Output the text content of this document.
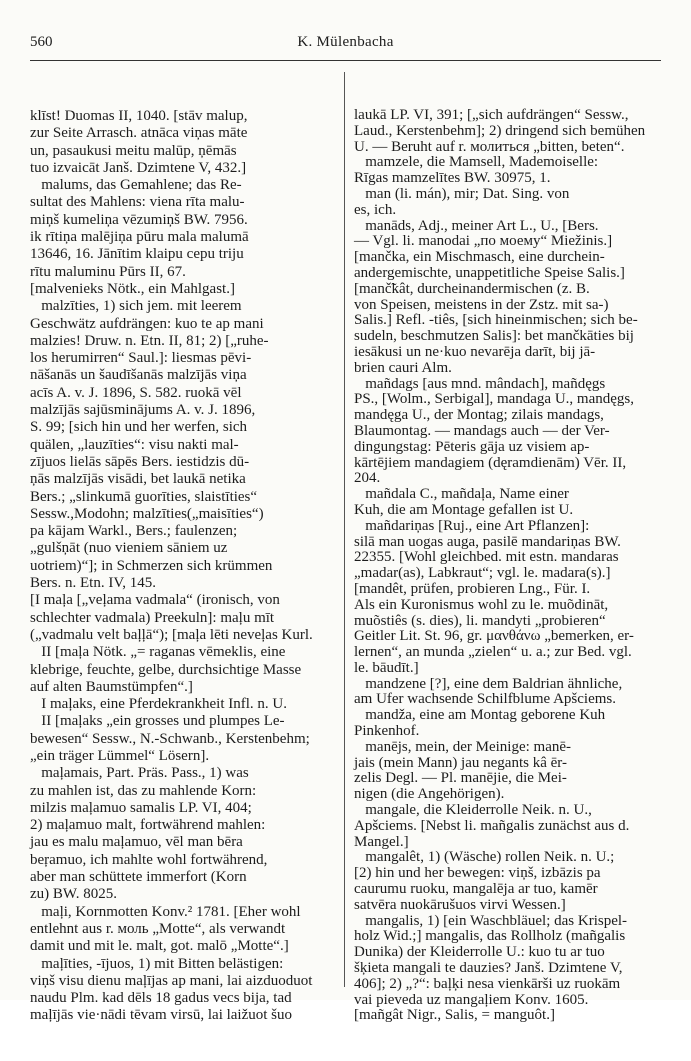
560	K. Mülenbacha

klīst! Duomas II, 1040. [stāv malup,
zur Seite Arrasch. atnāca viņas māte
un, pasaukusi meitu malūp, ņēmās
tuo izvaicāt Janš. Dzimtene V, 432.]
malums, das Gemahlene; das Re-
sultat des Mahlens: viena rīta malu-
miņš kumeliņa vēzumiņš BW. 7956.
ik rītiņa malējiņa pūru mala malumā
13646, 16. Jānītim klaipu cepu triju
rītu maluminu Pūrs II, 67.
[malvenieks Nötk., ein Mahlgast.]
malzīties, 1) sich jem. mit leerem
Geschwätz aufdrängen: kuo te ap mani
malzies! Druw. n. Etn. II, 81; 2) [„ruhe-
los herumirren“ Saul.]: liesmas pēvi-
nāšanās un šaudīšanās malzījās viņa
acīs A. v. J. 1896, S. 582. ruokā vēl
malzījās sajūsminājums A. v. J. 1896,
S. 99; [sich hin und her werfen, sich
quälen, „lauzīties“: visu nakti mal-
zījuos lielās sāpēs Bers. iestidzis dū-
ņās malzījās visādi, bet laukā netika
Bers.; „slinkumā guorīties, slaistīties“
Sessw.,Modohn; malzīties(„maisīties“)
pa kājam Warkl., Bers.; faulenzen;
„gulšņāt (nuo vieniem sāniem uz
uotriem)“]; in Schmerzen sich krümmen
Bers. n. Etn. IV, 145.
[I maļa [„veļama vadmala“ (ironisch, von
schlechter vadmala) Preekuln]: maļu mīt
(„vadmalu velt baļļā“); [maļa lēti neveļas Kurl.
II [maļa Nötk. „= raganas vēmeklis, eine
klebrige, feuchte, gelbe, durchsichtige Masse
auf alten Baumstümpfen“.]
I maļaks, eine Pferdekrankheit Infl. n. U.
II [maļaks „ein grosses und plumpes Le-
bewesen“ Sessw., N.-Schwanb., Kerstenbehm;
„ein träger Lümmel“ Lösern].
maļamais, Part. Präs. Pass., 1) was
zu mahlen ist, das zu mahlende Korn:
milzis maļamuo samalis LP. VI, 404;
2) maļamuo malt, fortwährend mahlen:
jau es malu maļamuo, vēl man bēra
beŗamuo, ich mahlte wohl fortwährend,
aber man schüttete immerfort (Korn
zu) BW. 8025.
maļi, Kornmotten Konv.² 1781. [Eher wohl
entlehnt aus r. моль „Motte“, als verwandt
damit und mit le. malt, got. malō „Motte“.]
maļīties, -ījuos, 1) mit Bitten belästigen:
viņš visu dienu maļījas ap mani, lai aizduoduot
naudu Plm. kad dēls 18 gadus vecs bija, tad
maļījās vie·nādi tēvam virsū, lai laižuot šuo

laukā LP. VI, 391; [„sich aufdrängen“ Sessw.,
Laud., Kerstenbehm]; 2) dringend sich bemühen
U. — Beruht auf r. молиться „bitten, beten“.
mamzele, die Mamsell, Mademoiselle:
Rīgas mamzelītes BW. 30975, 1.
man (li. mán), mir; Dat. Sing. von
es, ich.
manāds, Adj., meiner Art L., U., [Bers.
— Vgl. li. manodai „по моему“ Miežinis.]
[mančka, ein Mischmasch, eine durchein-
andergemischte, unappetitliche Speise Salis.]
[manč̃kât, durcheinandermischen (z. B.
von Speisen, meistens in der Zstz. mit sa-)
Salis.] Refl. -tiês, [sich hineinmischen; sich be-
sudeln, beschmutzen Salis]: bet mančkāties bij
iesākusi un ne·kuo nevarēja darīt, bij jā-
brien cauri Alm.
mañdags [aus mnd. mândach], mañdęgs
PS., [Wolm., Serbigal], mandaga U., mandęgs,
mandęga U., der Montag; zilais mandags,
Blaumontag. — mandags auch — der Ver-
dingungstag: Pēteris gāja uz visiem ap-
kārtējiem mandagiem (dęramdienām) Vēr. II,
204.
mañdala C., mañdaļa, Name einer
Kuh, die am Montage gefallen ist U.
mañdariņas [Ruj., eine Art Pflanzen]:
silā man uogas auga, pasilē mandariņas BW.
22355. [Wohl gleichbed. mit estn. mandaras
„madar(as), Labkraut“; vgl. le. madara(s).]
[mandêt, prüfen, probieren Lng., Für. I.
Als ein Kuronismus wohl zu le. muõdināt,
muõstiês (s. dies), li. mandyti „probieren“
Geitler Lit. St. 96, gr. μανθάνω „bemerken, er-
lernen“, an munda „zielen“ u. a.; zur Bed. vgl.
le. bāudīt.]
mandzene [?], eine dem Baldrian ähnliche,
am Ufer wachsende Schilfblume Apšciems.
mandža, eine am Montag geborene Kuh
Pinkenhof.
manējs, mein, der Meinige: manē-
jais (mein Mann) jau negants kâ ēr-
zelis Degl. — Pl. manējie, die Mei-
nigen (die Angehörigen).
mangale, die Kleiderrolle Neik. n. U.,
Apšciems. [Nebst li. mañgalis zunächst aus d.
Mangel.]
mangalêt, 1) (Wäsche) rollen Neik. n. U.;
[2) hin und her bewegen: viņš, izbāzis pa
caurumu ruoku, mangalēja ar tuo, kamēr
satvēra nuokārušuos virvi Wessen.]
mangalis, 1) [ein Waschbläuel; das Krispel-
holz Wid.;] mangalis, das Rollholz (mañgalis
Dunika) der Kleiderrolle U.: kuo tu ar tuo
šķieta mangali te dauzies? Janš. Dzimtene V,
406]; 2) „?“: baļķi nesa vienkārši uz ruokām
vai pieveda uz mangaļiem Konv. 1605.
[mañgât Nigr., Salis, = manguôt.]
